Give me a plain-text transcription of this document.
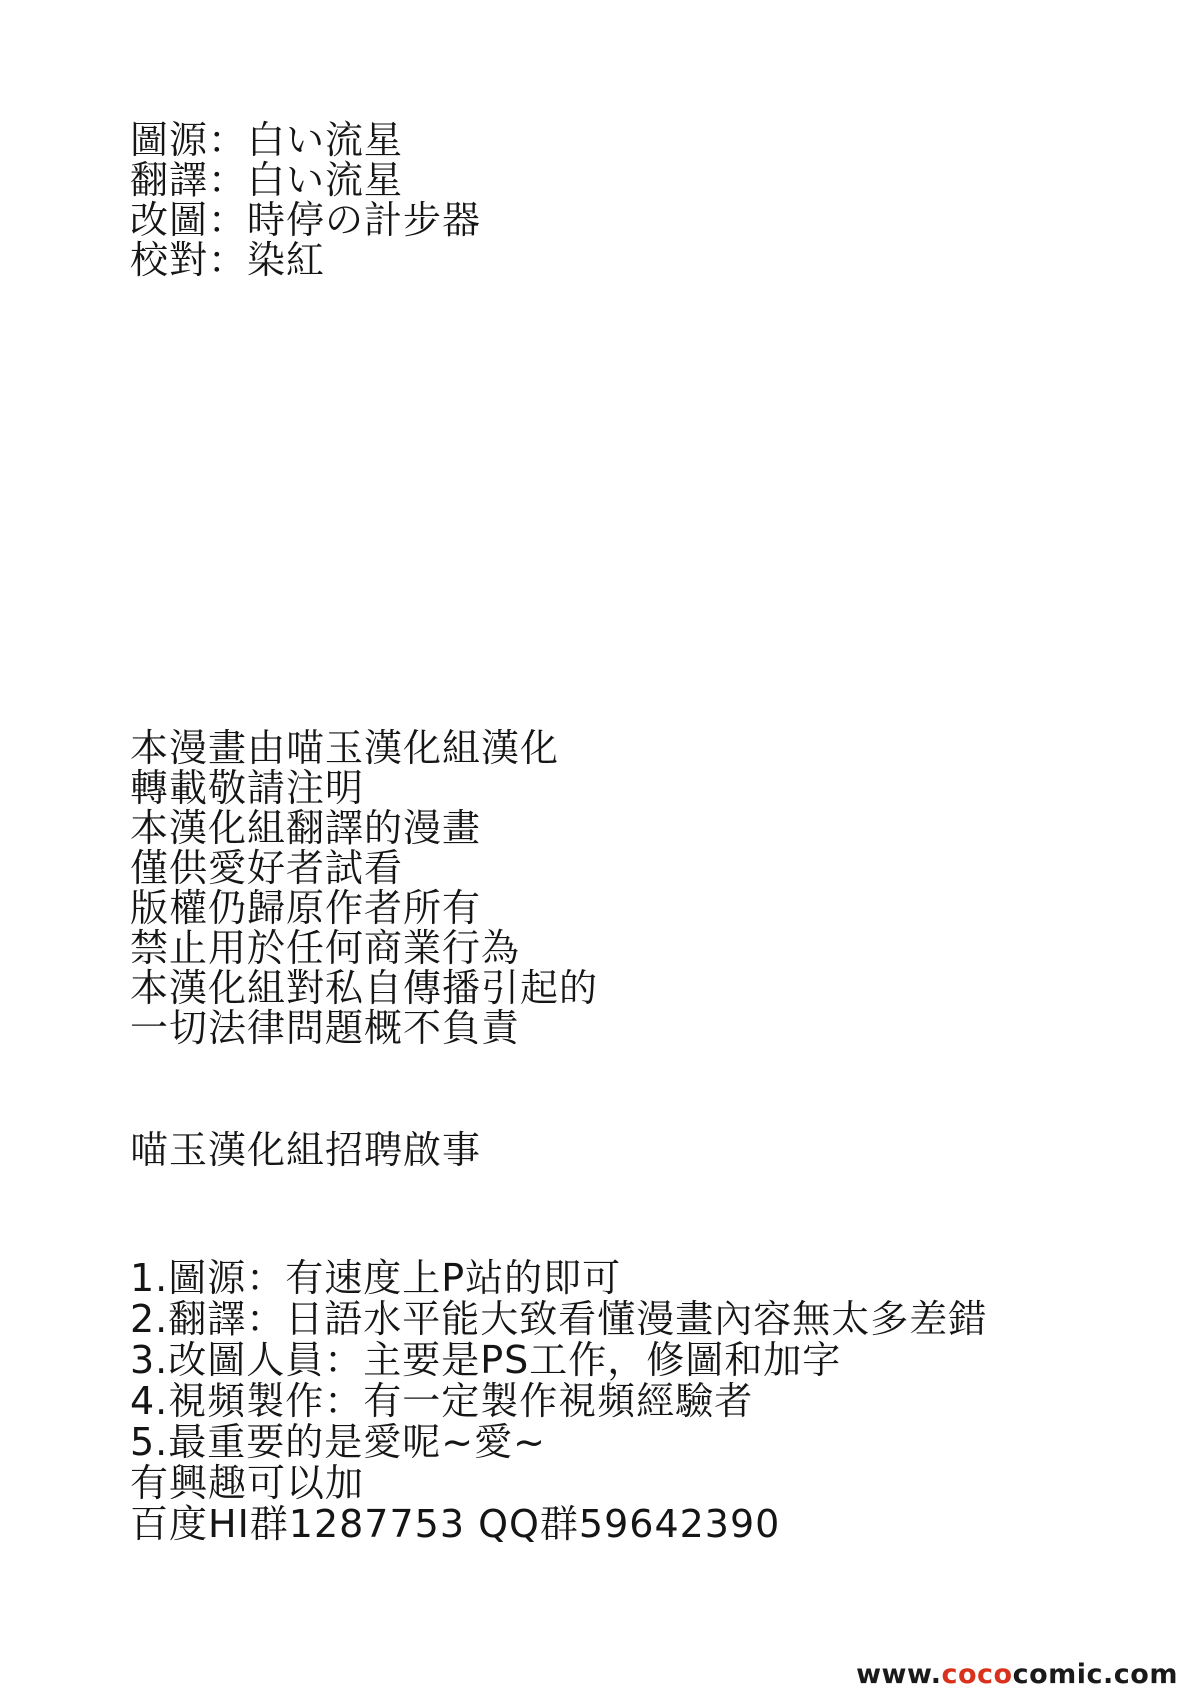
圖源：白い流星
翻譯：白い流星
改圖：時停の計步器
校對：染紅
本漫畫由喵玉漢化組漢化
轉載敬請注明
本漢化組翻譯的漫畫
僅供愛好者試看
版權仍歸原作者所有
禁止用於任何商業行為
本漢化組對私自傳播引起的
一切法律問題概不負責
喵玉漢化組招聘啟事
1.圖源：有速度上P站的即可
2.翻譯：日語水平能大致看懂漫畫內容無太多差錯
3.改圖人員：主要是PS工作，修圖和加字
4.視頻製作：有一定製作視頻經驗者
5.最重要的是愛呢~愛~
有興趣可以加
百度HI群1287753 QQ群59642390
www.cococomic.com
